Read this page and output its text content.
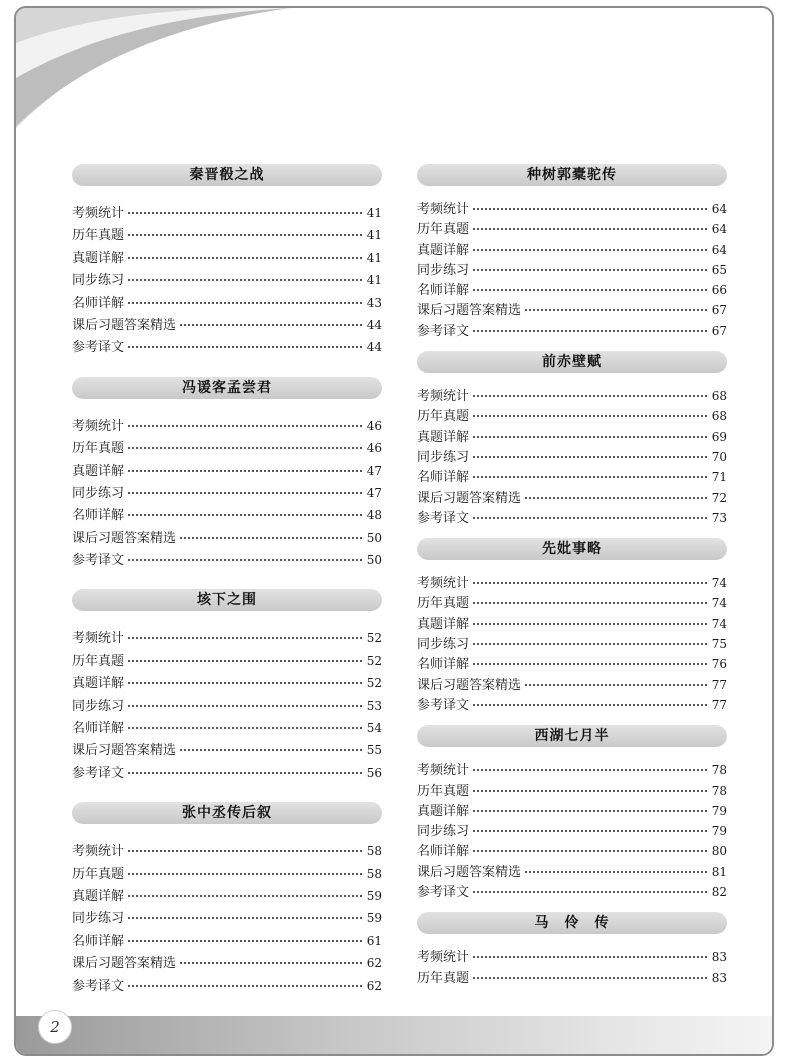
秦晋殽之战
考频统计	41
历年真题	41
真题详解	41
同步练习	41
名师详解	43
课后习题答案精选	44
参考译文	44
冯谖客孟尝君
考频统计	46
历年真题	46
真题详解	47
同步练习	47
名师详解	48
课后习题答案精选	50
参考译文	50
垓下之围
考频统计	52
历年真题	52
真题详解	52
同步练习	53
名师详解	54
课后习题答案精选	55
参考译文	56
张中丞传后叙
考频统计	58
历年真题	58
真题详解	59
同步练习	59
名师详解	61
课后习题答案精选	62
参考译文	62
种树郭橐驼传
考频统计	64
历年真题	64
真题详解	64
同步练习	65
名师详解	66
课后习题答案精选	67
参考译文	67
前赤壁赋
考频统计	68
历年真题	68
真题详解	69
同步练习	70
名师详解	71
课后习题答案精选	72
参考译文	73
先妣事略
考频统计	74
历年真题	74
真题详解	74
同步练习	75
名师详解	76
课后习题答案精选	77
参考译文	77
西湖七月半
考频统计	78
历年真题	78
真题详解	79
同步练习	79
名师详解	80
课后习题答案精选	81
参考译文	82
马　伶　传
考频统计	83
历年真题	83
2
